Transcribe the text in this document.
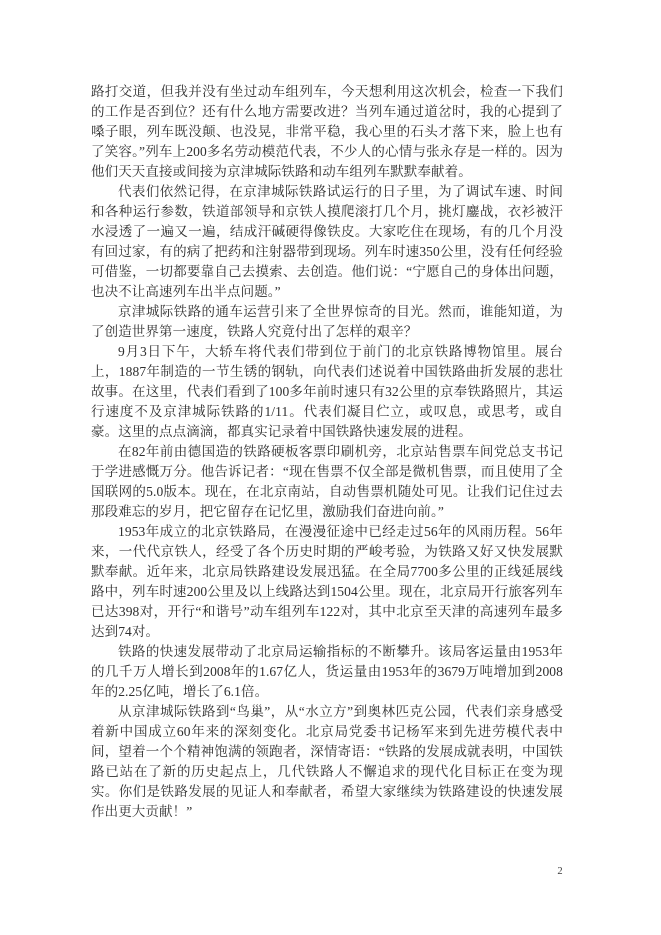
路打交道，但我并没有坐过动车组列车，今天想利用这次机会，检查一下我们的工作是否到位？还有什么地方需要改进？当列车通过道岔时，我的心提到了嗓子眼，列车既没颠、也没晃，非常平稳，我心里的石头才落下来，脸上也有了笑容。”列车上200多名劳动模范代表，不少人的心情与张永存是一样的。因为他们天天直接或间接为京津城际铁路和动车组列车默默奉献着。

代表们依然记得，在京津城际铁路试运行的日子里，为了调试车速、时间和各种运行参数，铁道部领导和京铁人摸爬滚打几个月，挑灯鏖战，衣衫被汗水浸透了一遍又一遍，结成汗碱硬得像铁皮。大家吃住在现场，有的几个月没有回过家，有的病了把药和注射器带到现场。列车时速350公里，没有任何经验可借鉴，一切都要靠自己去摸索、去创造。他们说：“宁愿自己的身体出问题，也决不让高速列车出半点问题。”

京津城际铁路的通车运营引来了全世界惊奇的目光。然而，谁能知道，为了创造世界第一速度，铁路人究竟付出了怎样的艰辛？

9月3日下午，大轿车将代表们带到位于前门的北京铁路博物馆里。展台上，1887年制造的一节生锈的钢轨，向代表们述说着中国铁路曲折发展的悲壮故事。在这里，代表们看到了100多年前时速只有32公里的京奉铁路照片，其运行速度不及京津城际铁路的1/11。代表们凝目伫立，或叹息，或思考，或自豪。这里的点点滴滴，都真实记录着中国铁路快速发展的进程。

在82年前由德国造的铁路硬板客票印刷机旁，北京站售票车间党总支书记于学进感慨万分。他告诉记者：“现在售票不仅全部是微机售票，而且使用了全国联网的5.0版本。现在，在北京南站，自动售票机随处可见。让我们记住过去那段难忘的岁月，把它留存在记忆里，激励我们奋进向前。”

1953年成立的北京铁路局，在漫漫征途中已经走过56年的风雨历程。56年来，一代代京铁人，经受了各个历史时期的严峻考验，为铁路又好又快发展默默奉献。近年来，北京局铁路建设发展迅猛。在全局7700多公里的正线延展线路中，列车时速200公里及以上线路达到1504公里。现在，北京局开行旅客列车已达398对，开行“和谐号”动车组列车122对，其中北京至天津的高速列车最多达到74对。

铁路的快速发展带动了北京局运输指标的不断攀升。该局客运量由1953年的几千万人增长到2008年的1.67亿人，货运量由1953年的3679万吨增加到2008年的2.25亿吨，增长了6.1倍。

从京津城际铁路到“鸟巢”，从“水立方”到奥林匹克公园，代表们亲身感受着新中国成立60年来的深刻变化。北京局党委书记杨军来到先进劳模代表中间，望着一个个精神饱满的领跑者，深情寄语：“铁路的发展成就表明，中国铁路已站在了新的历史起点上，几代铁路人不懈追求的现代化目标正在变为现实。你们是铁路发展的见证人和奉献者，希望大家继续为铁路建设的快速发展作出更大贡献！”

2
